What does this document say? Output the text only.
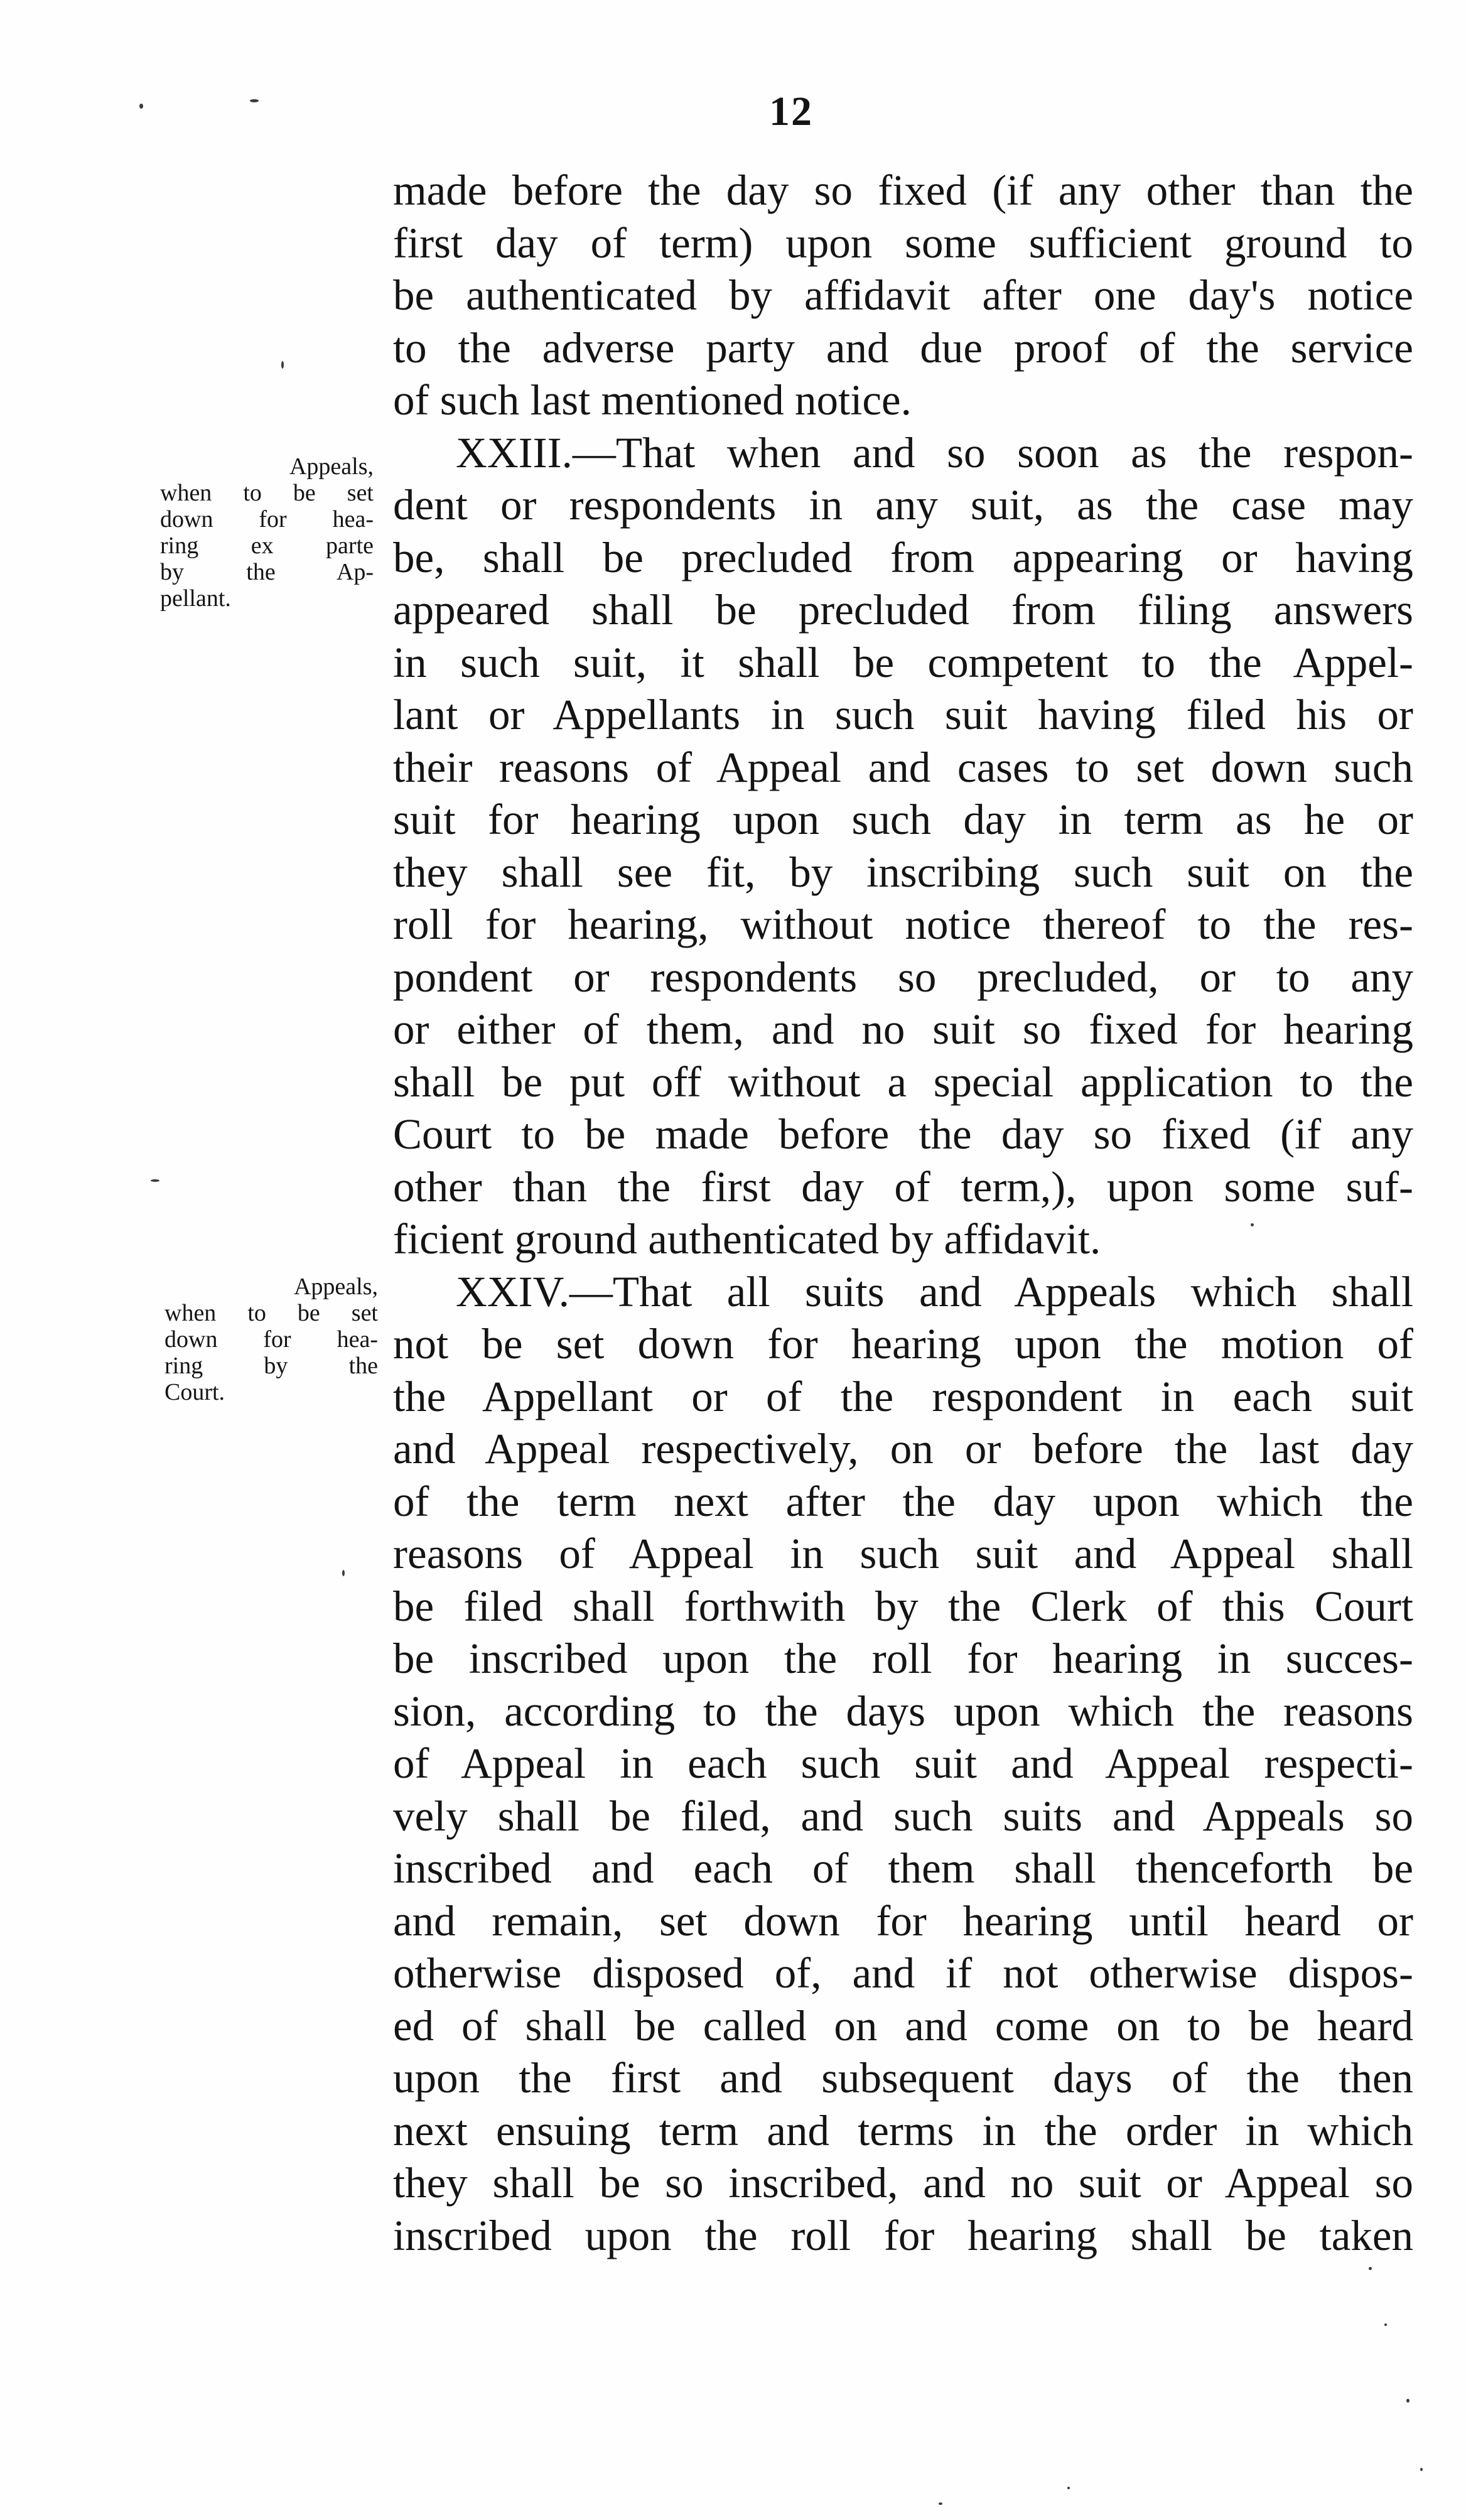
12
Appeals,
when to be set
down for hea-
ring ex parte
by the Ap-
pellant.
Appeals,
when to be set
down for hea-
ring by the
Court.
made before the day so fixed (if any other than the
first day of term) upon some sufficient ground to
be authenticated by affidavit after one day's notice
to the adverse party and due proof of the service
of such last mentioned notice.
XXIII.—That when and so soon as the respon-
dent or respondents in any suit, as the case may
be, shall be precluded from appearing or having
appeared shall be precluded from filing answers
in such suit, it shall be competent to the Appel-
lant or Appellants in such suit having filed his or
their reasons of Appeal and cases to set down such
suit for hearing upon such day in term as he or
they shall see fit, by inscribing such suit on the
roll for hearing, without notice thereof to the res-
pondent or respondents so precluded, or to any
or either of them, and no suit so fixed for hearing
shall be put off without a special application to the
Court to be made before the day so fixed (if any
other than the first day of term,), upon some suf-
ficient ground authenticated by affidavit.
XXIV.—That all suits and Appeals which shall
not be set down for hearing upon the motion of
the Appellant or of the respondent in each suit
and Appeal respectively, on or before the last day
of the term next after the day upon which the
reasons of Appeal in such suit and Appeal shall
be filed shall forthwith by the Clerk of this Court
be inscribed upon the roll for hearing in succes-
sion, according to the days upon which the reasons
of Appeal in each such suit and Appeal respecti-
vely shall be filed, and such suits and Appeals so
inscribed and each of them shall thenceforth be
and remain, set down for hearing until heard or
otherwise disposed of, and if not otherwise dispos-
ed of shall be called on and come on to be heard
upon the first and subsequent days of the then
next ensuing term and terms in the order in which
they shall be so inscribed, and no suit or Appeal so
inscribed upon the roll for hearing shall be taken
